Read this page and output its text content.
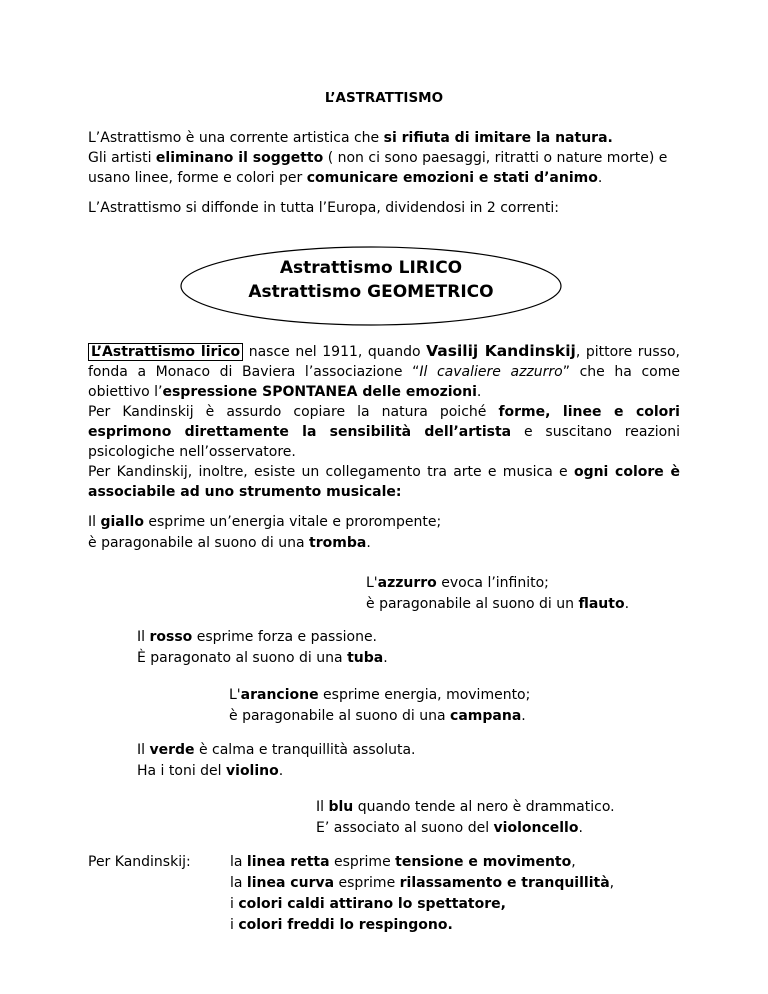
L’ASTRATTISMO
L’Astrattismo è una corrente artistica che si rifiuta di imitare la natura.
Gli artisti eliminano il soggetto ( non ci sono paesaggi, ritratti o nature morte) e
usano linee, forme e colori per comunicare emozioni e stati d’animo.
L’Astrattismo si diffonde in tutta l’Europa, dividendosi in 2 correnti:
Astrattismo LIRICO
Astrattismo GEOMETRICO
L’Astrattismo lirico nasce nel 1911, quando Vasilij Kandinskij, pittore russo, fonda a Monaco di Baviera l’associazione “Il cavaliere azzurro” che ha come obiettivo l’espressione SPONTANEA delle emozioni.
Per Kandinskij è assurdo copiare la natura poiché forme, linee e colori esprimono direttamente la sensibilità dell’artista e suscitano reazioni psicologiche nell’osservatore.
Per Kandinskij, inoltre, esiste un collegamento tra arte e musica e ogni colore è associabile ad uno strumento musicale:
Il giallo esprime un’energia vitale e prorompente;
è paragonabile al suono di una tromba.
L'azzurro evoca l’infinito;
è paragonabile al suono di un flauto.
Il rosso esprime forza e passione.
È paragonato al suono di una tuba.
L'arancione esprime energia, movimento;
è paragonabile al suono di una campana.
Il verde è calma e tranquillità assoluta.
Ha i toni del violino.
Il blu quando tende al nero è drammatico.
E’ associato al suono del violoncello.
Per Kandinskij:	la linea retta esprime tensione e movimento,
la linea curva esprime rilassamento e tranquillità,
i colori caldi attirano lo spettatore,
i colori freddi lo respingono.
